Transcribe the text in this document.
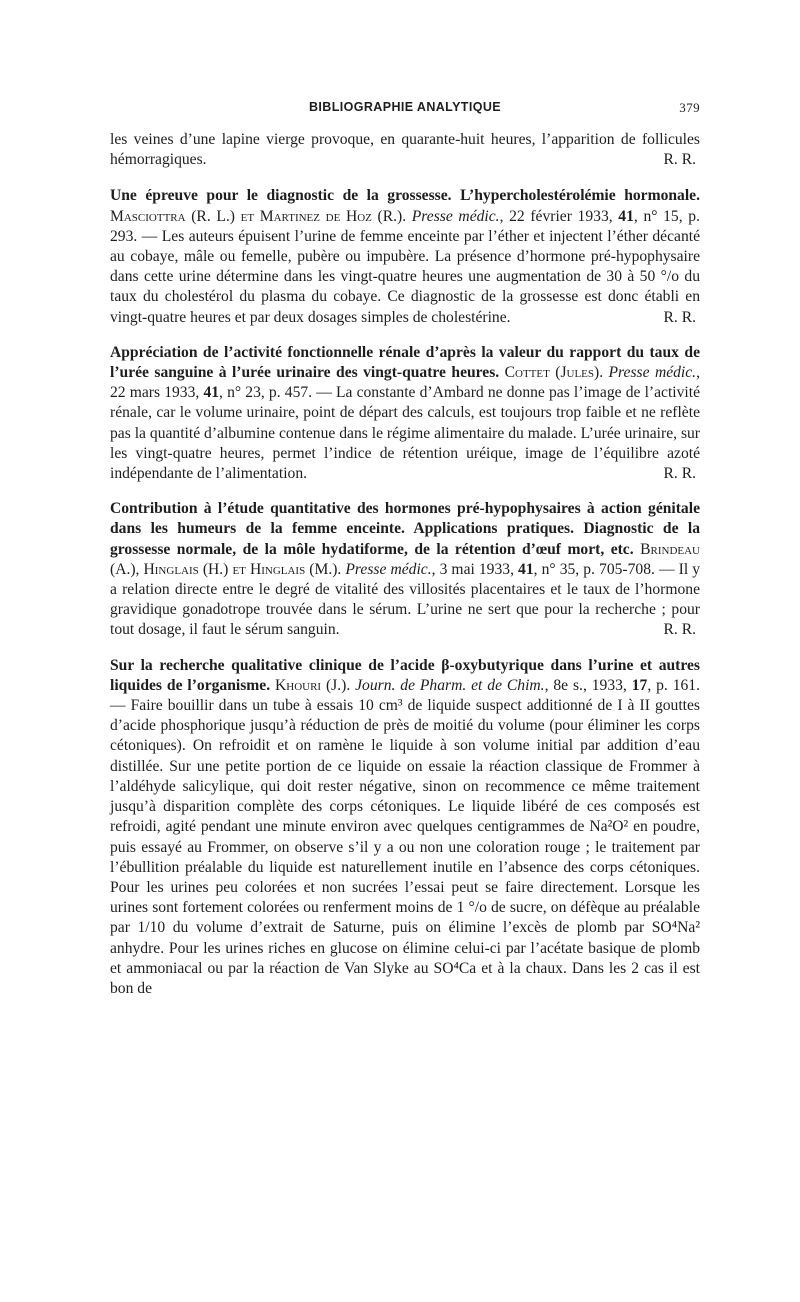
BIBLIOGRAPHIE ANALYTIQUE	379

les veines d’une lapine vierge provoque, en quarante-huit heures, l’apparition de follicules hémorragiques.	R. R.

Une épreuve pour le diagnostic de la grossesse. L’hypercholestérolémie hormonale. Masciottra (R. L.) et Martinez de Hoz (R.). Presse médic., 22 février 1933, 41, n° 15, p. 293. — Les auteurs épuisent l’urine de femme enceinte par l’éther et injectent l’éther décanté au cobaye, mâle ou femelle, pubère ou impubère. La présence d’hormone pré-hypophysaire dans cette urine détermine dans les vingt-quatre heures une augmentation de 30 à 50 °/o du taux du cholestérol du plasma du cobaye. Ce diagnostic de la grossesse est donc établi en vingt-quatre heures et par deux dosages simples de cholestérine.	R. R.

Appréciation de l’activité fonctionnelle rénale d’après la valeur du rapport du taux de l’urée sanguine à l’urée urinaire des vingt-quatre heures. Cottet (Jules). Presse médic., 22 mars 1933, 41, n° 23, p. 457. — La constante d’Ambard ne donne pas l’image de l’activité rénale, car le volume urinaire, point de départ des calculs, est toujours trop faible et ne reflète pas la quantité d’albumine contenue dans le régime alimentaire du malade. L’urée urinaire, sur les vingt-quatre heures, permet l’indice de rétention uréique, image de l’équilibre azoté indépendante de l’alimentation.	R. R.

Contribution à l’étude quantitative des hormones pré-hypophysaires à action génitale dans les humeurs de la femme enceinte. Applications pratiques. Diagnostic de la grossesse normale, de la môle hydatiforme, de la rétention d’œuf mort, etc. Brindeau (A.), Hinglais (H.) et Hinglais (M.). Presse médic., 3 mai 1933, 41, n° 35, p. 705-708. — Il y a relation directe entre le degré de vitalité des villosités placentaires et le taux de l’hormone gravidique gonadotrope trouvée dans le sérum. L’urine ne sert que pour la recherche ; pour tout dosage, il faut le sérum sanguin.	R. R.

Sur la recherche qualitative clinique de l’acide β-oxybutyrique dans l’urine et autres liquides de l’organisme. Khouri (J.). Journ. de Pharm. et de Chim., 8e s., 1933, 17, p. 161. — Faire bouillir dans un tube à essais 10 cm³ de liquide suspect additionné de I à II gouttes d’acide phosphorique jusqu’à réduction de près de moitié du volume (pour éliminer les corps cétoniques). On refroidit et on ramène le liquide à son volume initial par addition d’eau distillée. Sur une petite portion de ce liquide on essaie la réaction classique de Frommer à l’aldéhyde salicylique, qui doit rester négative, sinon on recommence ce même traitement jusqu’à disparition complète des corps cétoniques. Le liquide libéré de ces composés est refroidi, agité pendant une minute environ avec quelques centigrammes de Na²O² en poudre, puis essayé au Frommer, on observe s’il y a ou non une coloration rouge ; le traitement par l’ébullition préalable du liquide est naturellement inutile en l’absence des corps cétoniques. Pour les urines peu colorées et non sucrées l’essai peut se faire directement. Lorsque les urines sont fortement colorées ou renferment moins de 1 °/o de sucre, on défèque au préalable par 1/10 du volume d’extrait de Saturne, puis on élimine l’excès de plomb par SO⁴Na² anhydre. Pour les urines riches en glucose on élimine celui-ci par l’acétate basique de plomb et ammoniacal ou par la réaction de Van Slyke au SO⁴Ca et à la chaux. Dans les 2 cas il est bon de
